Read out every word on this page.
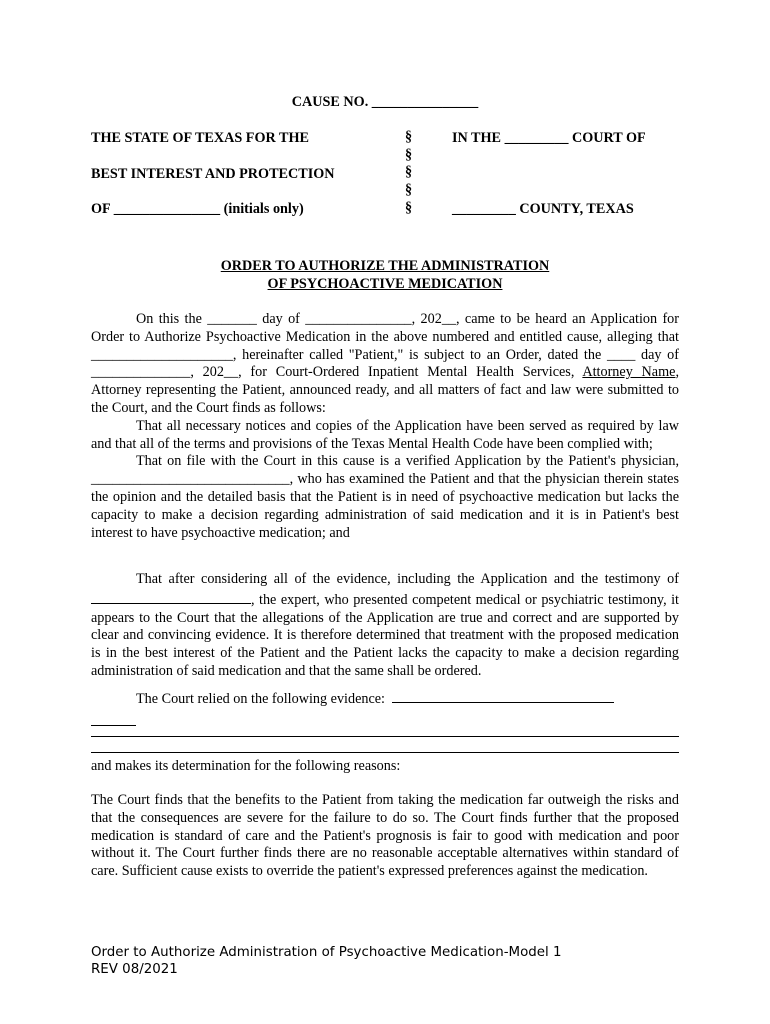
CAUSE NO. _______________
THE STATE OF TEXAS FOR THE
BEST INTEREST AND PROTECTION
OF _______________ (initials only)
§
§
§
§
§
IN THE _________ COURT OF
_________ COUNTY, TEXAS
ORDER TO AUTHORIZE THE ADMINISTRATION
OF PSYCHOACTIVE MEDICATION

On this the _______ day of _______________, 202__, came to be heard an Application for Order to Authorize Psychoactive Medication in the above numbered and entitled cause, alleging that ____________________, hereinafter called "Patient," is subject to an Order, dated the ____ day of ______________, 202__, for Court-Ordered Inpatient Mental Health Services, Attorney Name, Attorney representing the Patient, announced ready, and all matters of fact and law were submitted to the Court, and the Court finds as follows:

That all necessary notices and copies of the Application have been served as required by law and that all of the terms and provisions of the Texas Mental Health Code have been complied with;

That on file with the Court in this cause is a verified Application by the Patient's physician, ____________________________, who has examined the Patient and that the physician therein states the opinion and the detailed basis that the Patient is in need of psychoactive medication but lacks the capacity to make a decision regarding administration of said medication and it is in Patient's best interest to have psychoactive medication; and

That after considering all of the evidence, including the Application and the testimony of , the expert, who presented competent medical or psychiatric testimony, it appears to the Court that the allegations of the Application are true and correct and are supported by clear and convincing evidence. It is therefore determined that treatment with the proposed medication is in the best interest of the Patient and the Patient lacks the capacity to make a decision regarding administration of said medication and that the same shall be ordered.

The Court relied on the following evidence:

and makes its determination for the following reasons:

The Court finds that the benefits to the Patient from taking the medication far outweigh the risks and that the consequences are severe for the failure to do so. The Court finds further that the proposed medication is standard of care and the Patient's prognosis is fair to good with medication and poor without it. The Court further finds there are no reasonable acceptable alternatives within standard of care. Sufficient cause exists to override the patient's expressed preferences against the medication.

Order to Authorize Administration of Psychoactive Medication-Model 1
REV 08/2021
